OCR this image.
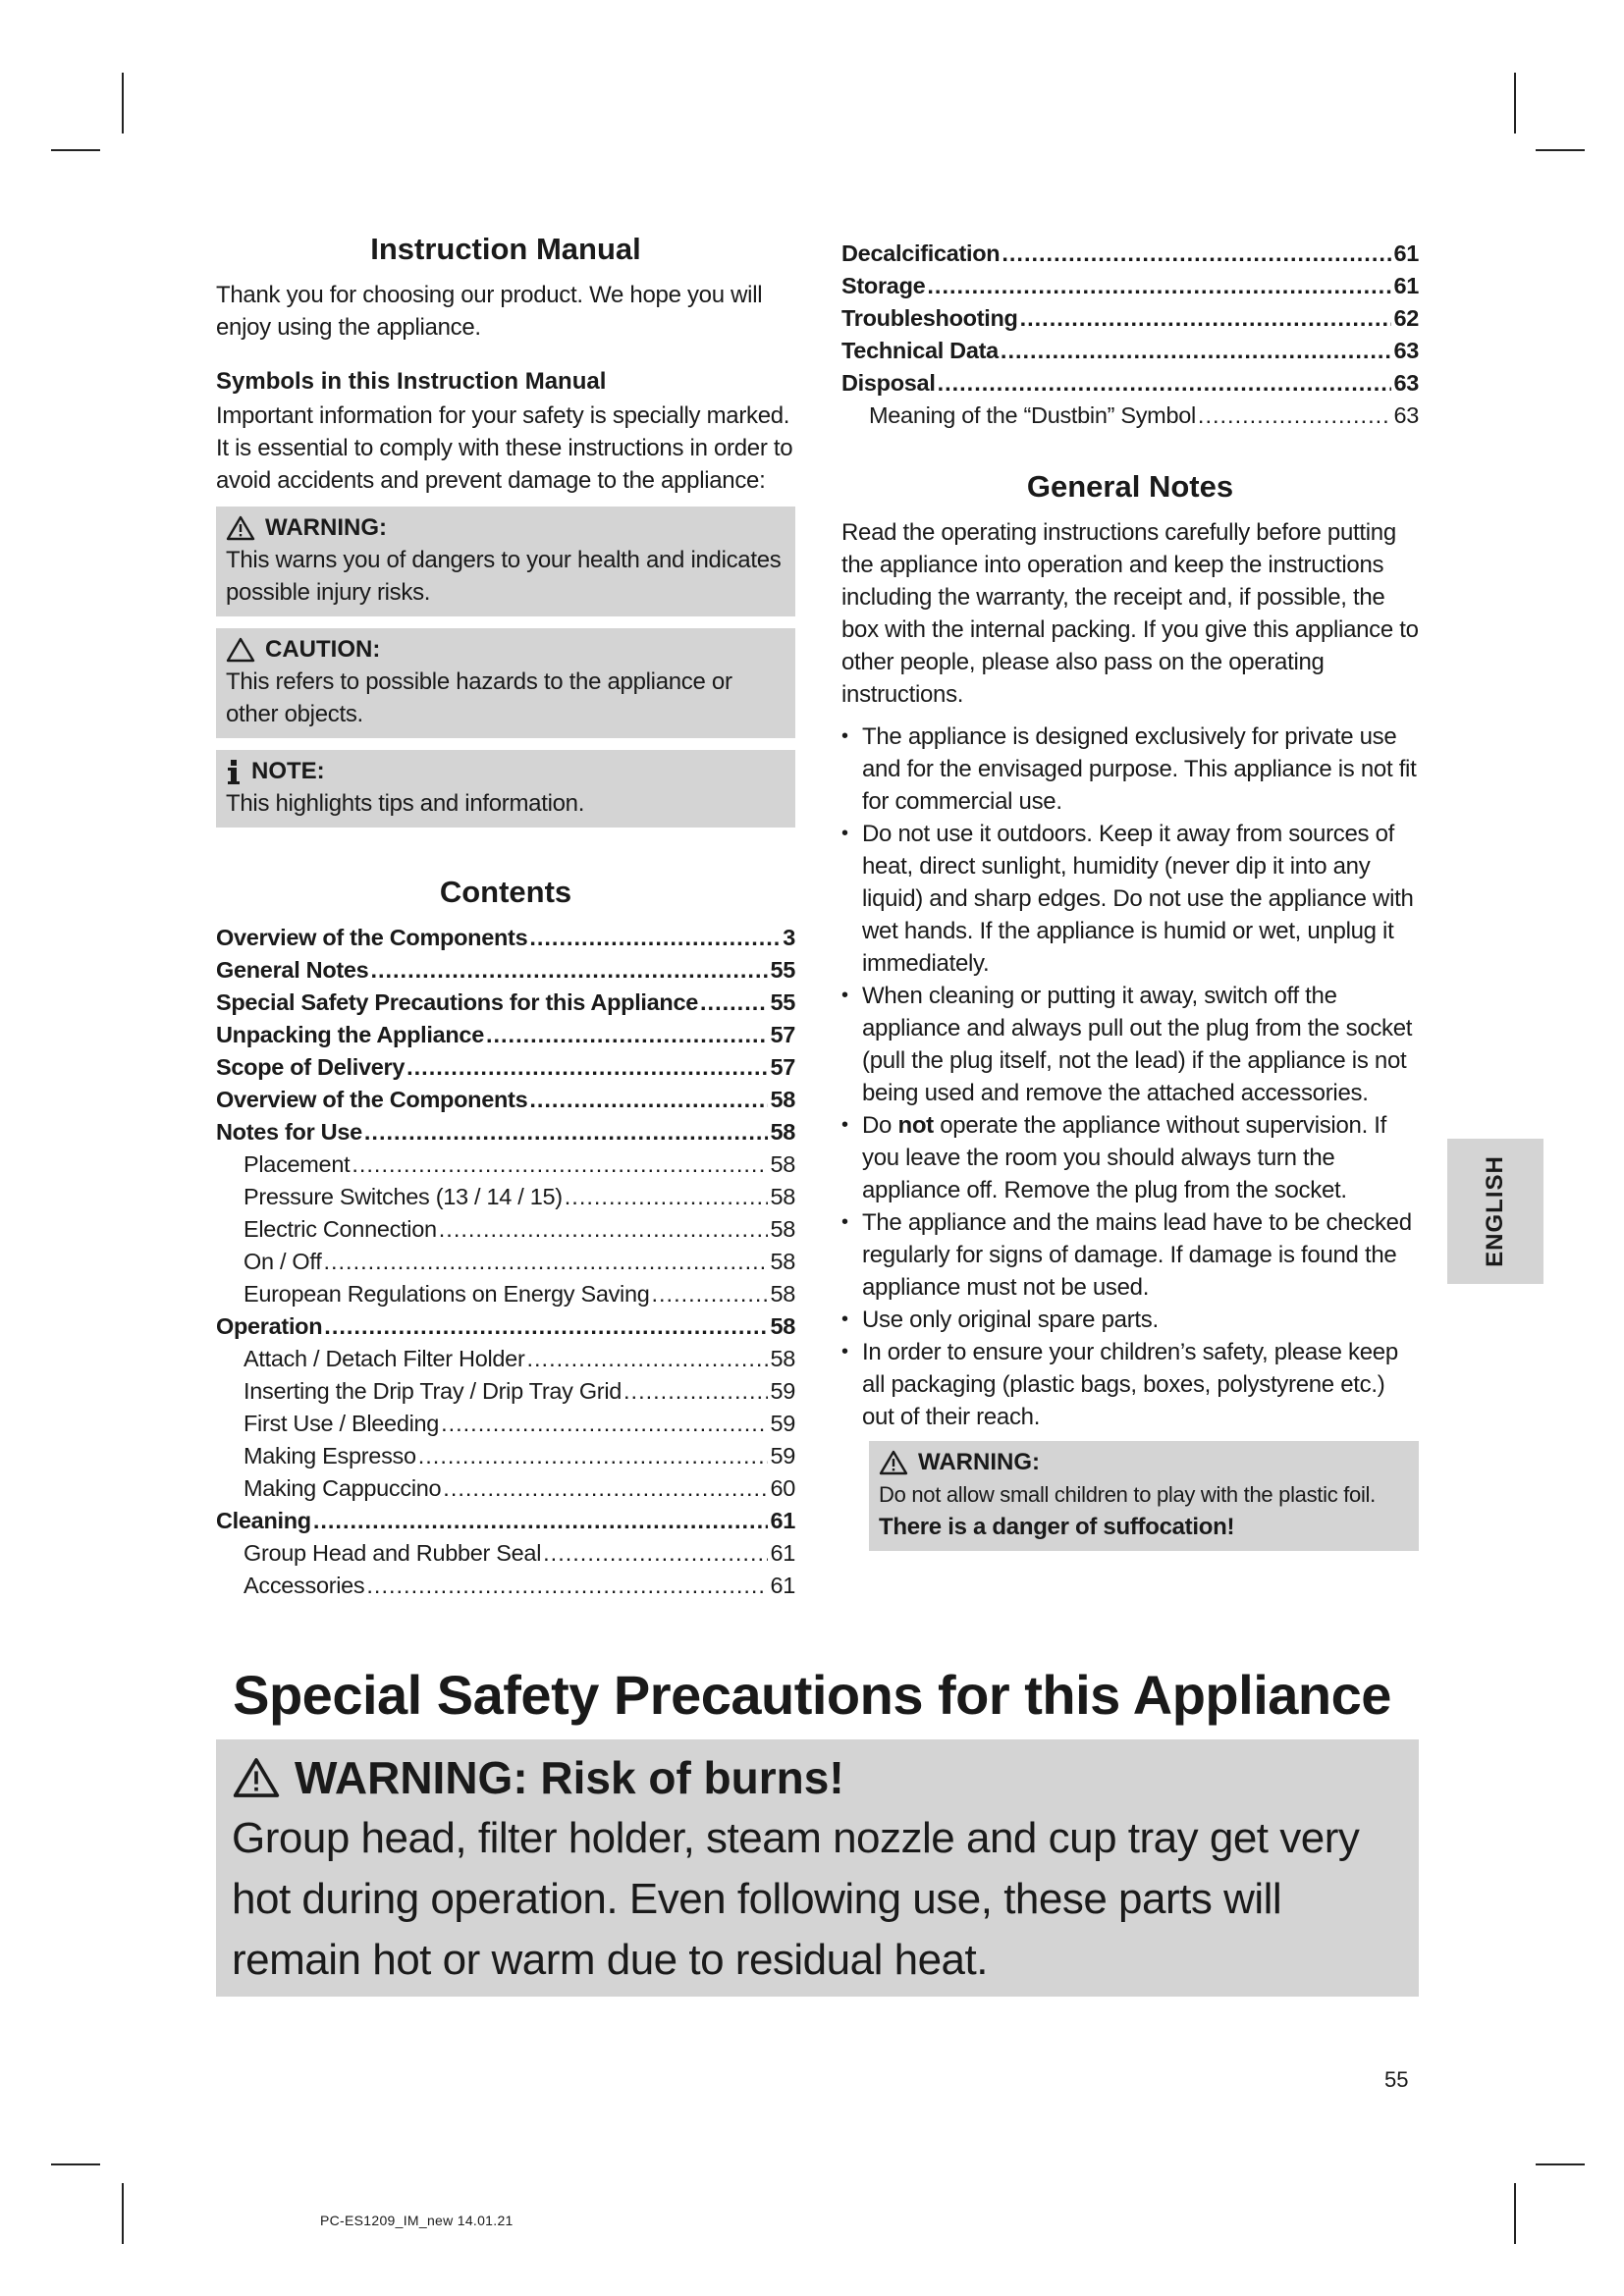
Instruction Manual

Thank you for choosing our product. We hope you will enjoy using the appliance.

Symbols in this Instruction Manual

Important information for your safety is specially marked.

It is essential to comply with these instructions in order to avoid accidents and prevent damage to the appliance:

WARNING:
This warns you of dangers to your health and indicates possible injury risks.
CAUTION:
This refers to possible hazards to the appliance or other objects.
NOTE:
This highlights tips and information.
Contents
Overview of the Components .....	3
General Notes .....	55
Special Safety Precautions for this Appliance .....	55
Unpacking the Appliance .....	57
Scope of Delivery .....	57
Overview of the Components .....	58
Notes for Use .....	58
Placement .....	58
Pressure Switches (13 / 14 / 15) .....	58
Electric Connection .....	58
On / Off .....	58
European Regulations on Energy Saving .....	58
Operation .....	58
Attach / Detach Filter Holder .....	58
Inserting the Drip Tray / Drip Tray Grid .....	59
First Use / Bleeding .....	59
Making Espresso .....	59
Making Cappuccino .....	60
Cleaning .....	61
Group Head and Rubber Seal .....	61
Accessories .....	61
Decalcification .....	61
Storage .....	61
Troubleshooting .....	62
Technical Data .....	63
Disposal .....	63
Meaning of the “Dustbin” Symbol .....	63
General Notes

Read the operating instructions carefully before putting the appliance into operation and keep the instructions including the warranty, the receipt and, if possible, the box with the internal packing. If you give this appliance to other people, please also pass on the operating instructions.

• The appliance is designed exclusively for private use and for the envisaged purpose. This appliance is not fit for commercial use.
• Do not use it outdoors. Keep it away from sources of heat, direct sunlight, humidity (never dip it into any liquid) and sharp edges. Do not use the appliance with wet hands. If the appliance is humid or wet, unplug it immediately.
• When cleaning or putting it away, switch off the appliance and always pull out the plug from the socket (pull the plug itself, not the lead) if the appliance is not being used and remove the attached accessories.
• Do not operate the appliance without supervision. If you leave the room you should always turn the appliance off. Remove the plug from the socket.
• The appliance and the mains lead have to be checked regularly for signs of damage. If damage is found the appliance must not be used.
• Use only original spare parts.
• In order to ensure your children’s safety, please keep all packaging (plastic bags, boxes, polystyrene etc.) out of their reach.
WARNING:
Do not allow small children to play with the plastic foil.
There is a danger of suffocation!
ENGLISH
Special Safety Precautions for this Appliance
WARNING: Risk of burns!
Group head, filter holder, steam nozzle and cup tray get very hot during operation. Even following use, these parts will remain hot or warm due to residual heat.
55
PC-ES1209_IM_new 14.01.21
